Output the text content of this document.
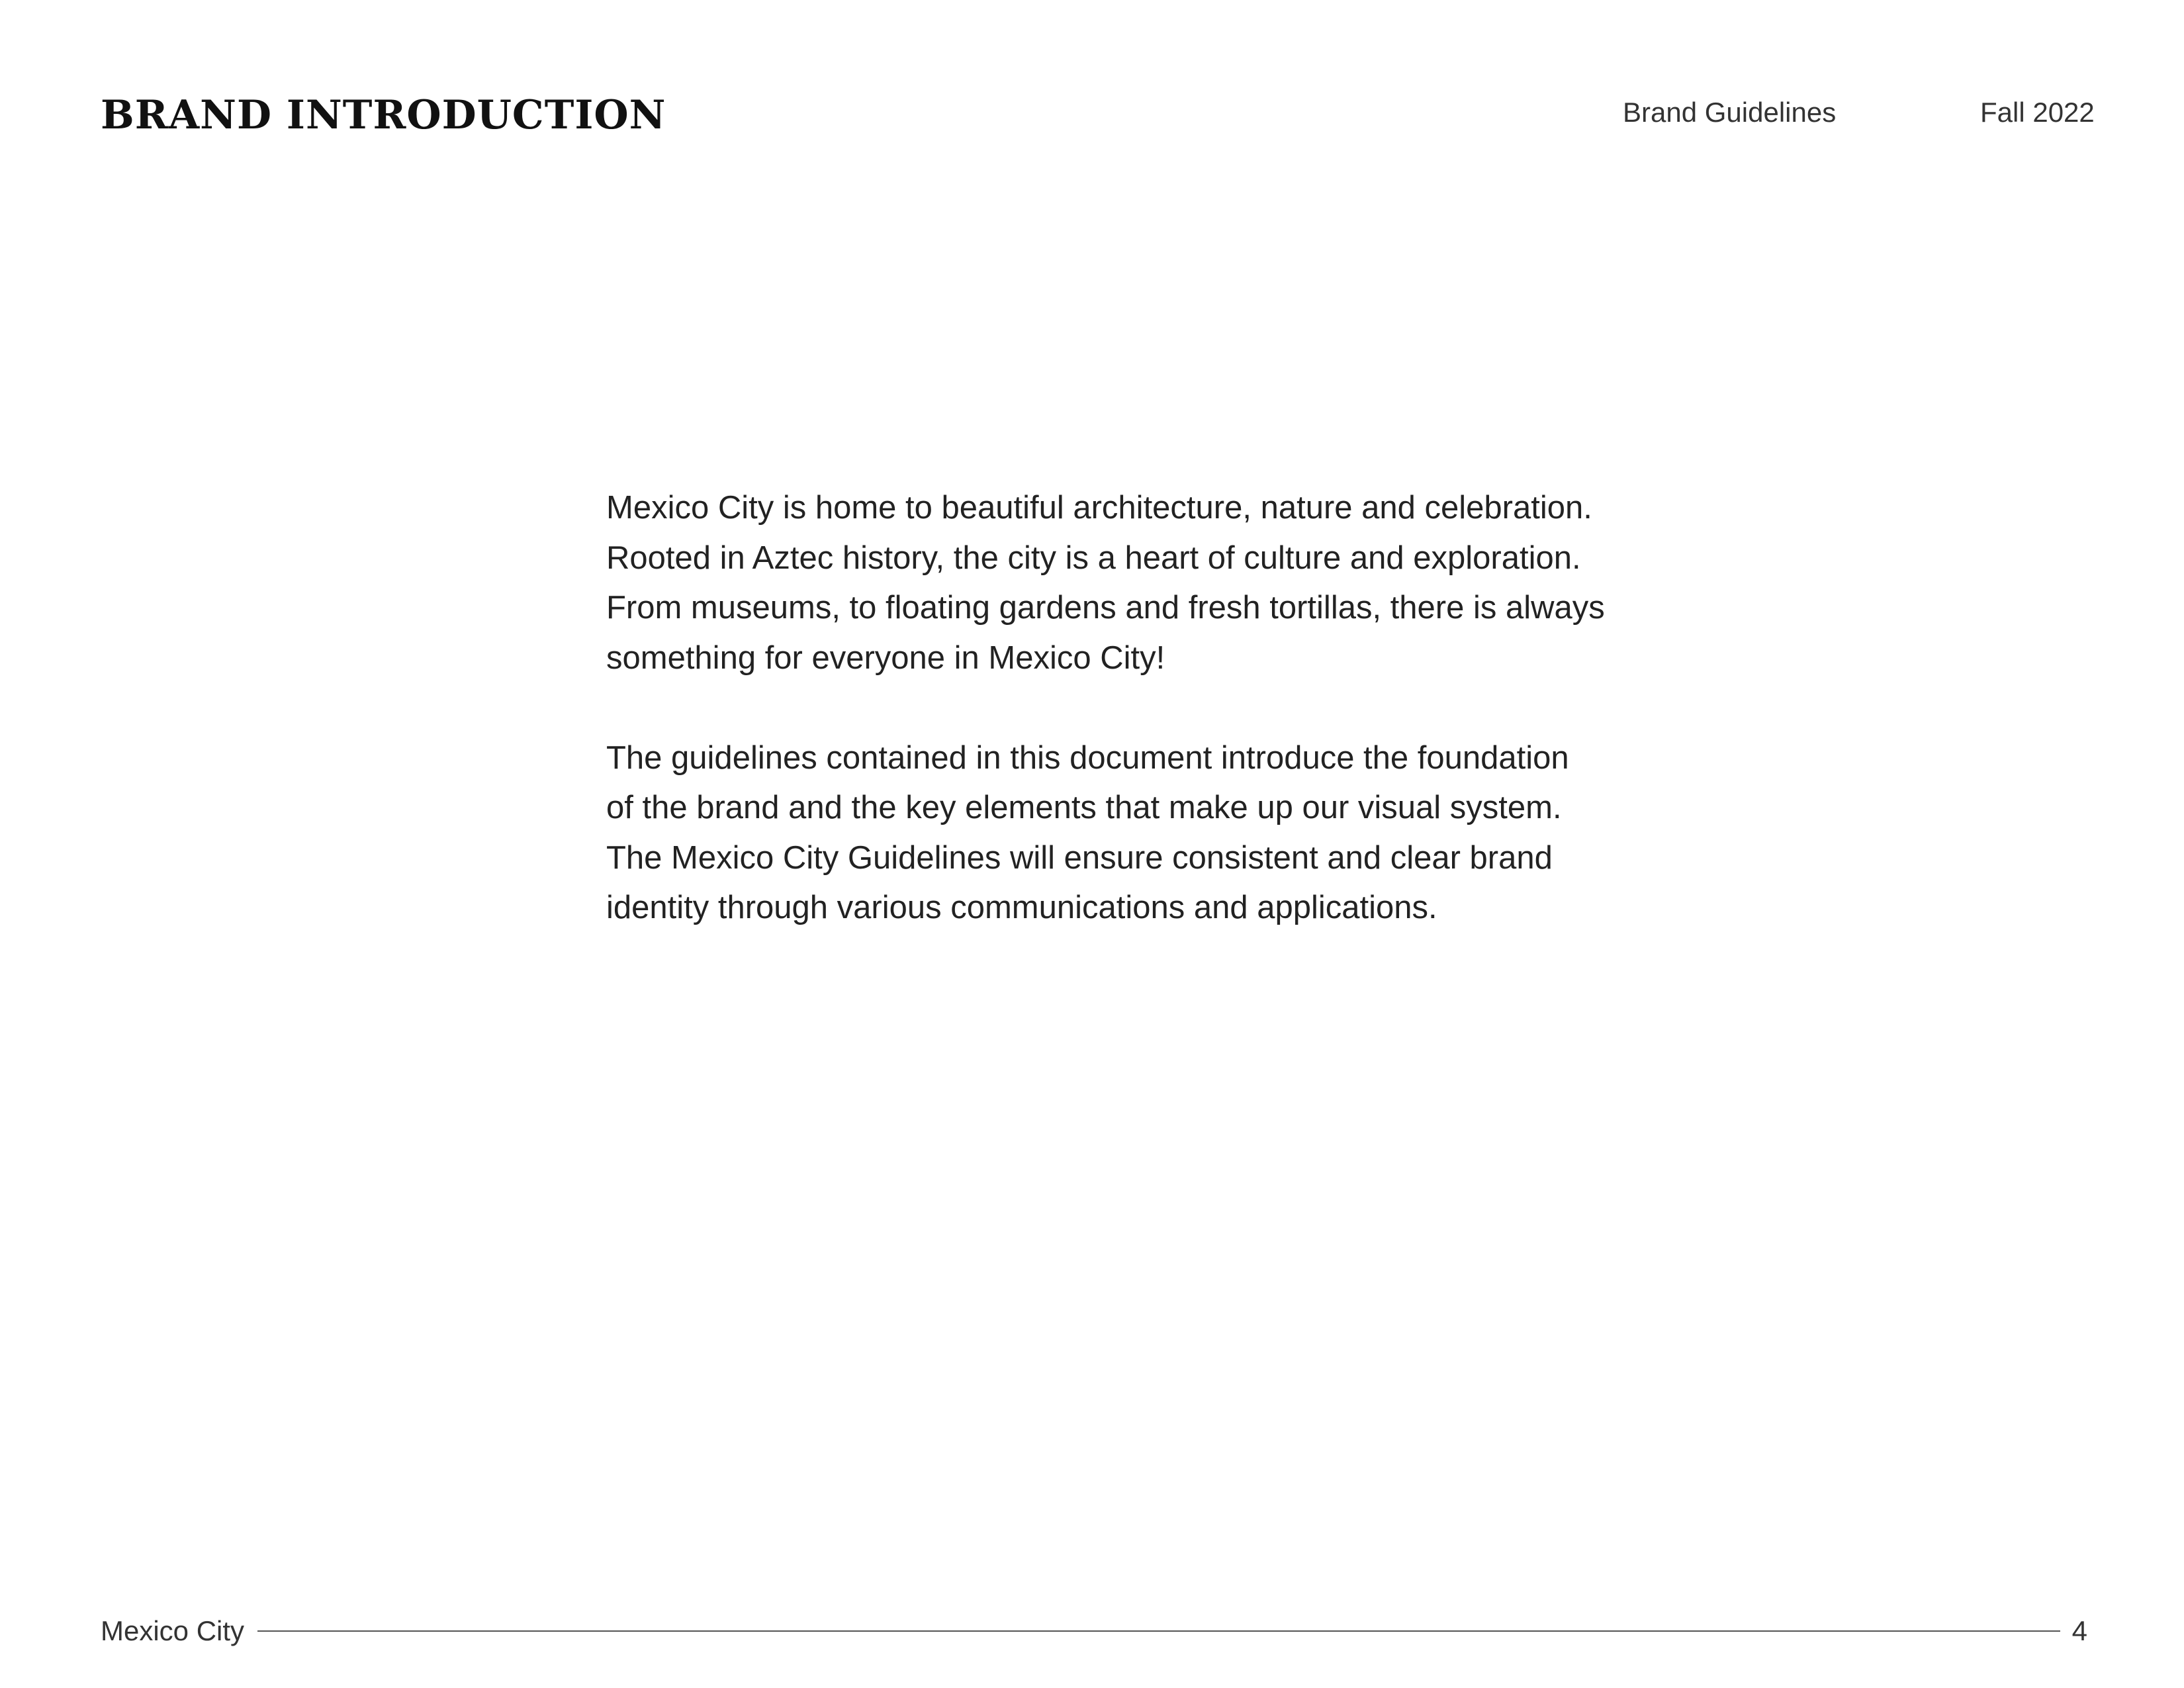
BRAND INTRODUCTION	Brand Guidelines	Fall 2022

Mexico City is home to beautiful architecture, nature and celebration.

Rooted in Aztec history, the city is a heart of culture and exploration.

From museums, to floating gardens and fresh tortillas, there is always

something for everyone in Mexico City!

The guidelines contained in this document introduce the foundation

of the brand and the key elements that make up our visual system.

The Mexico City Guidelines will ensure consistent and clear brand

identity through various communications and applications.

Mexico City	4
